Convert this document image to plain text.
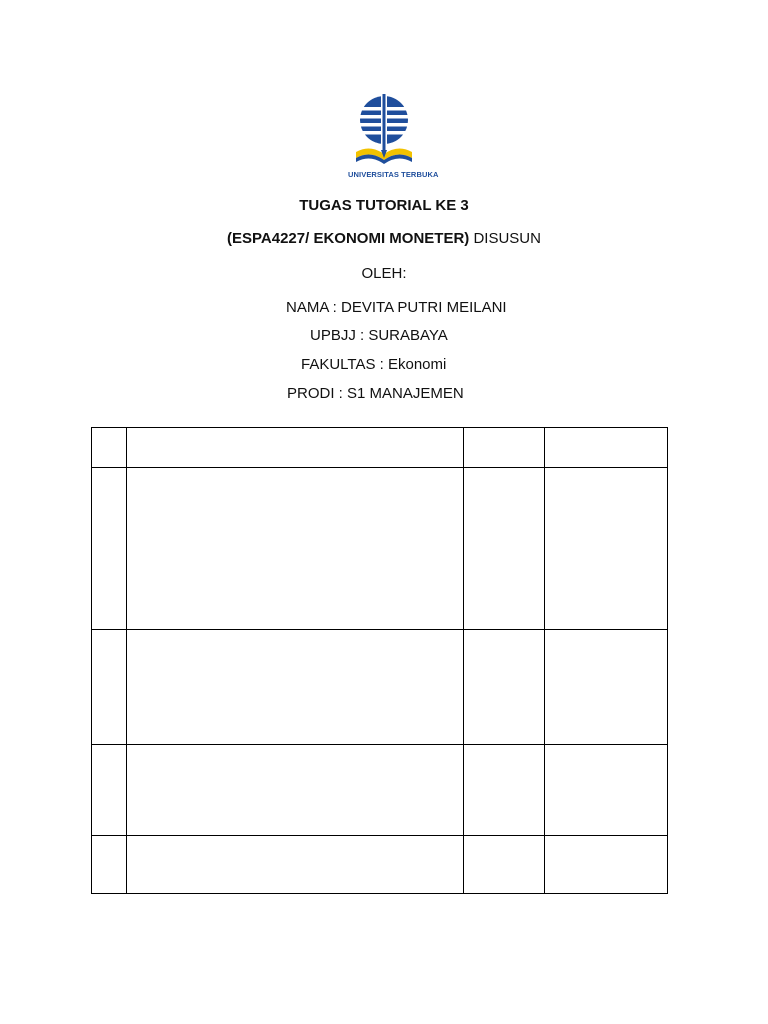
UNIVERSITAS TERBUKA
TUGAS TUTORIAL KE 3
(ESPA4227/ EKONOMI MONETER) DISUSUN
OLEH:
NAMA : DEVITA PUTRI MEILANI
UPBJJ : SURABAYA
FAKULTAS : Ekonomi
PRODI : S1 MANAJEMEN
